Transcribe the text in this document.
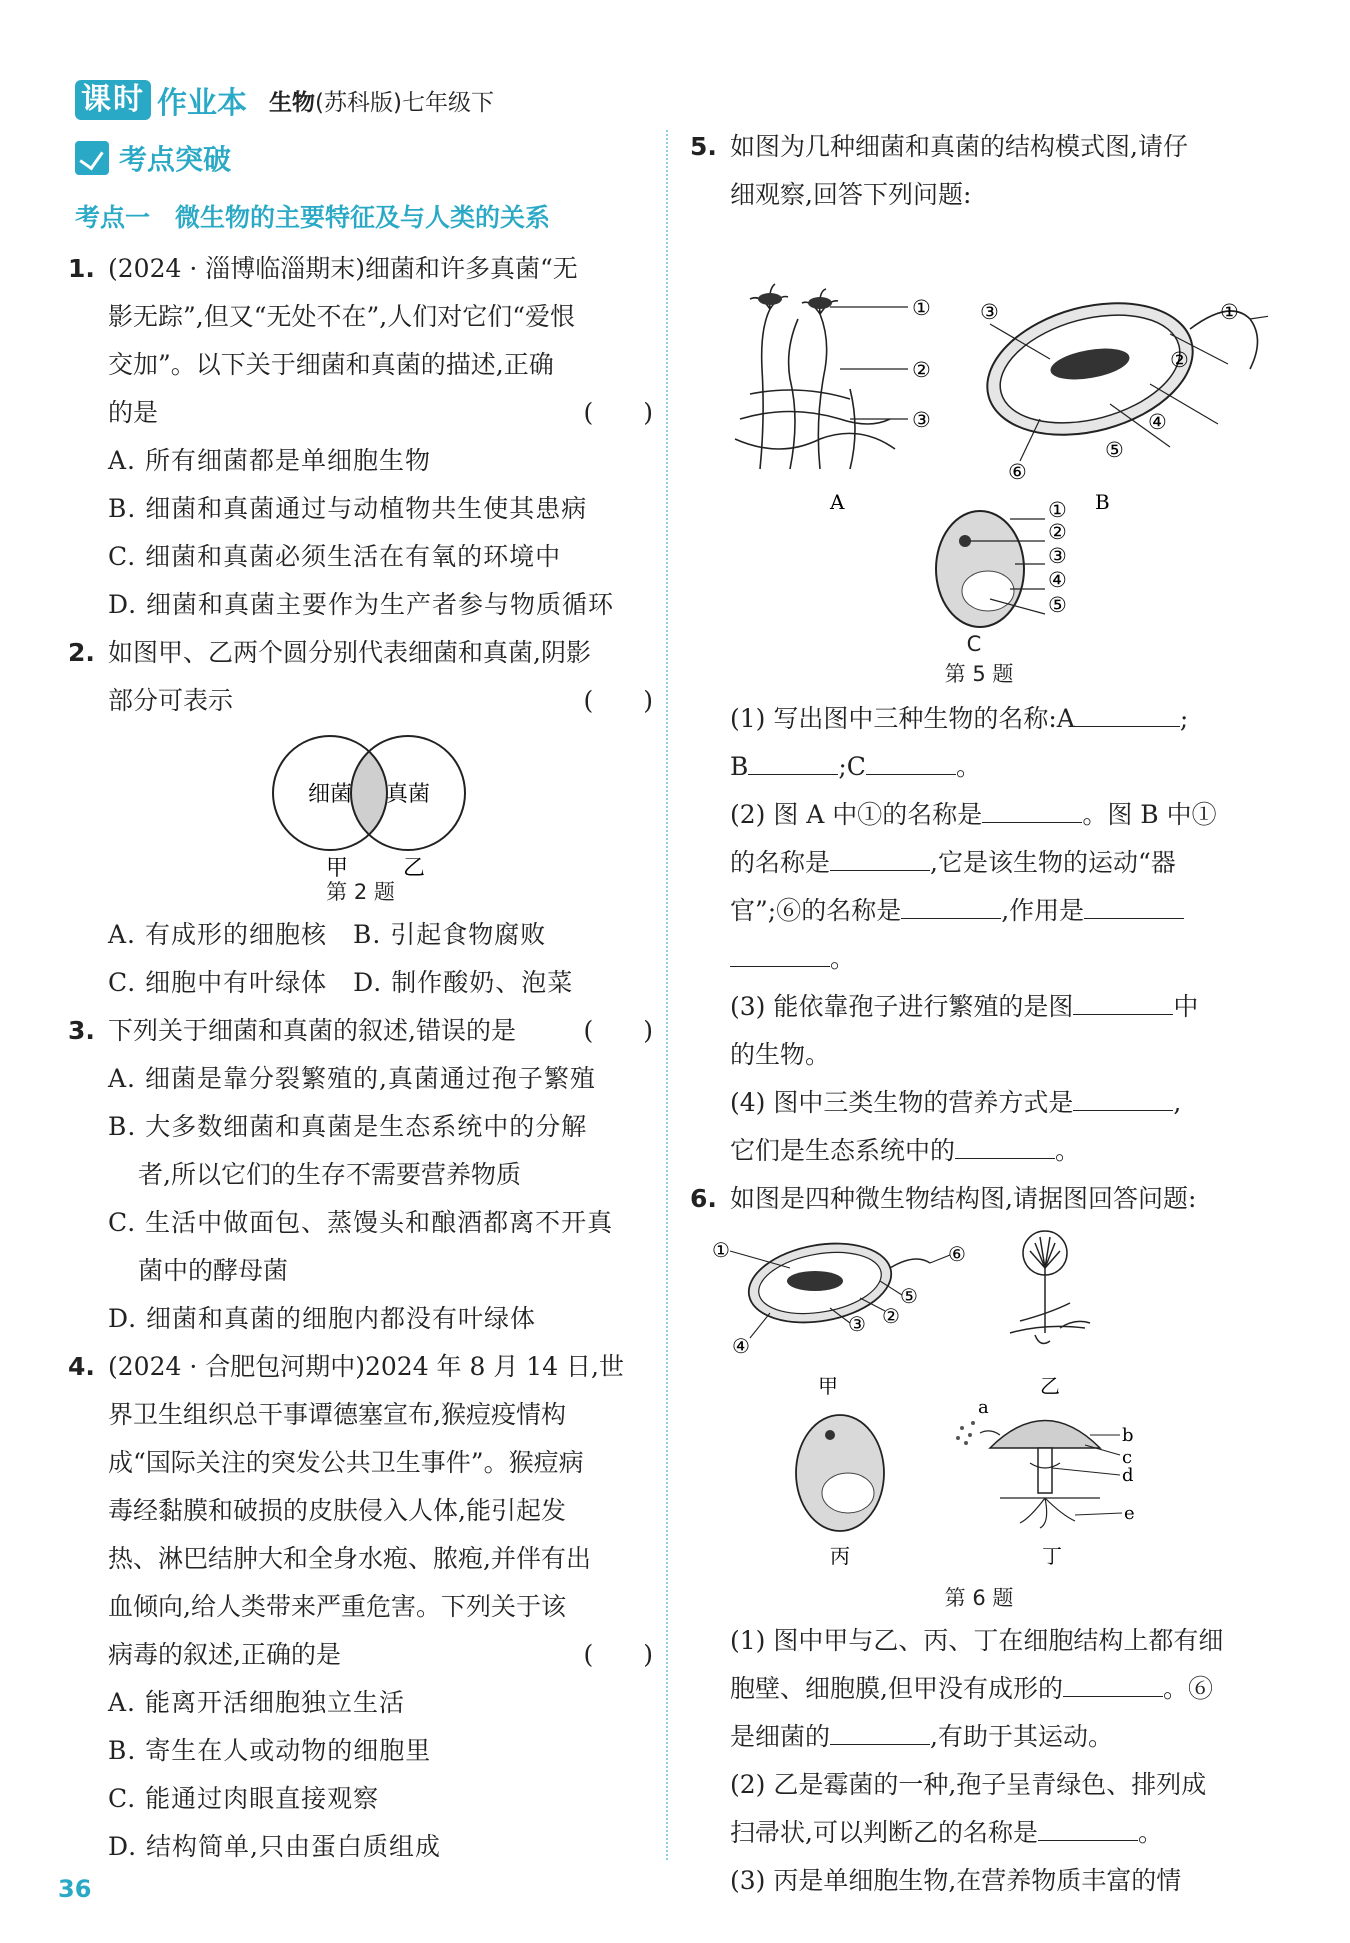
课时 作业本 生物(苏科版)七年级下
考点突破
考点一　微生物的主要特征及与人类的关系
1. (2024 · 淄博临淄期末)细菌和许多真菌“无
影无踪”,但又“无处不在”,人们对它们“爱恨
交加”。以下关于细菌和真菌的描述,正确
的是	(　　)
A. 所有细菌都是单细胞生物
B. 细菌和真菌通过与动植物共生使其患病
C. 细菌和真菌必须生活在有氧的环境中
D. 细菌和真菌主要作为生产者参与物质循环
2. 如图甲、乙两个圆分别代表细菌和真菌,阴影
部分可表示	(　　)
细菌 真菌
甲 乙
第 2 题
A. 有成形的细胞核　 B. 引起食物腐败
C. 细胞中有叶绿体　 D. 制作酸奶、泡菜
3. 下列关于细菌和真菌的叙述,错误的是	(　　)
A. 细菌是靠分裂繁殖的,真菌通过孢子繁殖
B. 大多数细菌和真菌是生态系统中的分解
者,所以它们的生存不需要营养物质
C. 生活中做面包、蒸馒头和酿酒都离不开真
菌中的酵母菌
D. 细菌和真菌的细胞内都没有叶绿体
4. (2024 · 合肥包河期中)2024 年 8 月 14 日,世
界卫生组织总干事谭德塞宣布,猴痘疫情构
成“国际关注的突发公共卫生事件”。猴痘病
毒经黏膜和破损的皮肤侵入人体,能引起发
热、淋巴结肿大和全身水疱、脓疱,并伴有出
血倾向,给人类带来严重危害。下列关于该
病毒的叙述,正确的是	(　　)
A. 能离开活细胞独立生活
B. 寄生在人或动物的细胞里
C. 能通过肉眼直接观察
D. 结构简单,只由蛋白质组成
5. 如图为几种细菌和真菌的结构模式图,请仔
细观察,回答下列问题:
①
②
③
A
③	①
②
④
⑤
⑥
B
①
②
③
④
⑤
C
第 5 题
(1) 写出图中三种生物的名称:A	;
B	;C	。
(2) 图 A 中①的名称是	。图 B 中①
的名称是	,它是该生物的运动“器
官”;⑥的名称是	,作用是
。
(3) 能依靠孢子进行繁殖的是图	中
的生物。
(4) 图中三类生物的营养方式是	,
它们是生态系统中的	。
6. 如图是四种微生物结构图,请据图回答问题:
①	⑥
⑤
②
③
④
甲	乙
丙
a
b
c
d
e
丁
第 6 题
(1) 图中甲与乙、丙、丁在细胞结构上都有细
胞壁、细胞膜,但甲没有成形的	。⑥
是细菌的	,有助于其运动。
(2) 乙是霉菌的一种,孢子呈青绿色、排列成
扫帚状,可以判断乙的名称是	。
(3) 丙是单细胞生物,在营养物质丰富的情
36
